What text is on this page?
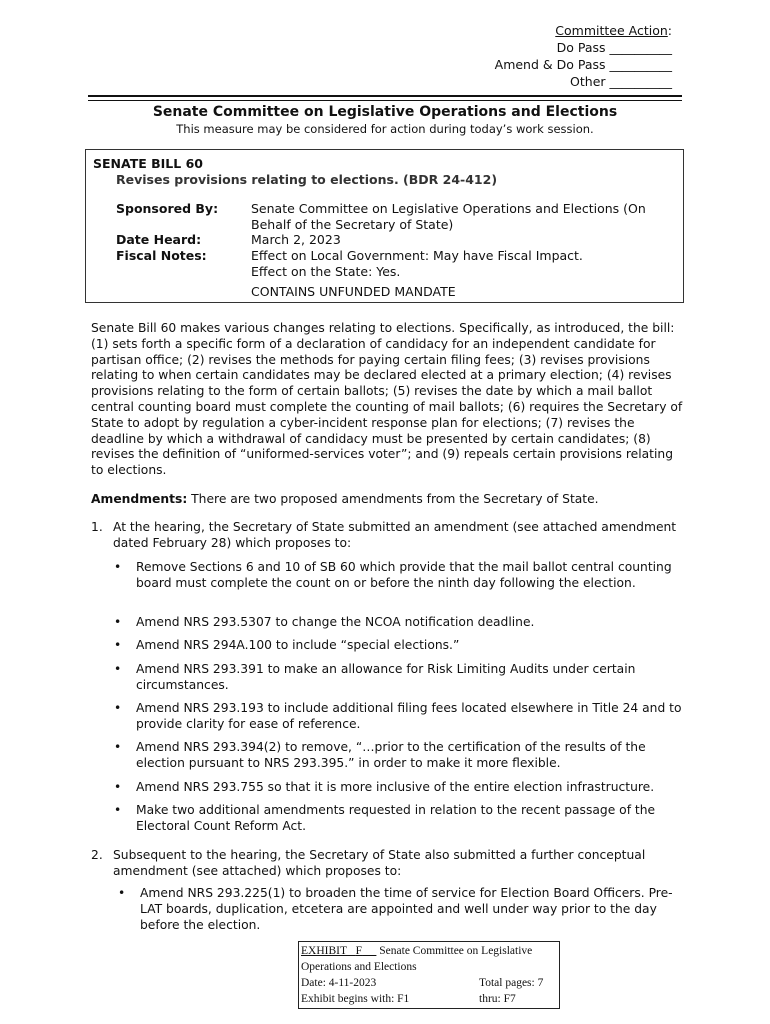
Committee Action:
Do Pass __________
Amend & Do Pass __________
Other __________
Senate Committee on Legislative Operations and Elections
This measure may be considered for action during today’s work session.
SENATE BILL 60
Revises provisions relating to elections. (BDR 24-412)
Sponsored By:	Senate Committee on Legislative Operations and Elections (On
Behalf of the Secretary of State)
Date Heard:	March 2, 2023
Fiscal Notes:	Effect on Local Government: May have Fiscal Impact.
Effect on the State: Yes.
CONTAINS UNFUNDED MANDATE
Senate Bill 60 makes various changes relating to elections. Specifically, as introduced, the bill: (1) sets forth a specific form of a declaration of candidacy for an independent candidate for partisan office; (2) revises the methods for paying certain filing fees; (3) revises provisions relating to when certain candidates may be declared elected at a primary election; (4) revises provisions relating to the form of certain ballots; (5) revises the date by which a mail ballot central counting board must complete the counting of mail ballots; (6) requires the Secretary of State to adopt by regulation a cyber-incident response plan for elections; (7) revises the deadline by which a withdrawal of candidacy must be presented by certain candidates; (8) revises the definition of “uniformed-services voter”; and (9) repeals certain provisions relating to elections.
Amendments: There are two proposed amendments from the Secretary of State.
1. At the hearing, the Secretary of State submitted an amendment (see attached amendment dated February 28) which proposes to:
• Remove Sections 6 and 10 of SB 60 which provide that the mail ballot central counting board must complete the count on or before the ninth day following the election.
• Amend NRS 293.5307 to change the NCOA notification deadline.
• Amend NRS 294A.100 to include “special elections.”
• Amend NRS 293.391 to make an allowance for Risk Limiting Audits under certain circumstances.
• Amend NRS 293.193 to include additional filing fees located elsewhere in Title 24 and to provide clarity for ease of reference.
• Amend NRS 293.394(2) to remove, “…prior to the certification of the results of the election pursuant to NRS 293.395.” in order to make it more flexible.
• Amend NRS 293.755 so that it is more inclusive of the entire election infrastructure.
• Make two additional amendments requested in relation to the recent passage of the Electoral Count Reform Act.
2. Subsequent to the hearing, the Secretary of State also submitted a further conceptual amendment (see attached) which proposes to:
• Amend NRS 293.225(1) to broaden the time of service for Election Board Officers. Pre-LAT boards, duplication, etcetera are appointed and well under way prior to the day before the election.
EXHIBIT F Senate Committee on Legislative
Operations and Elections
Date: 4-11-2023	Total pages: 7
Exhibit begins with: F1	thru: F7
